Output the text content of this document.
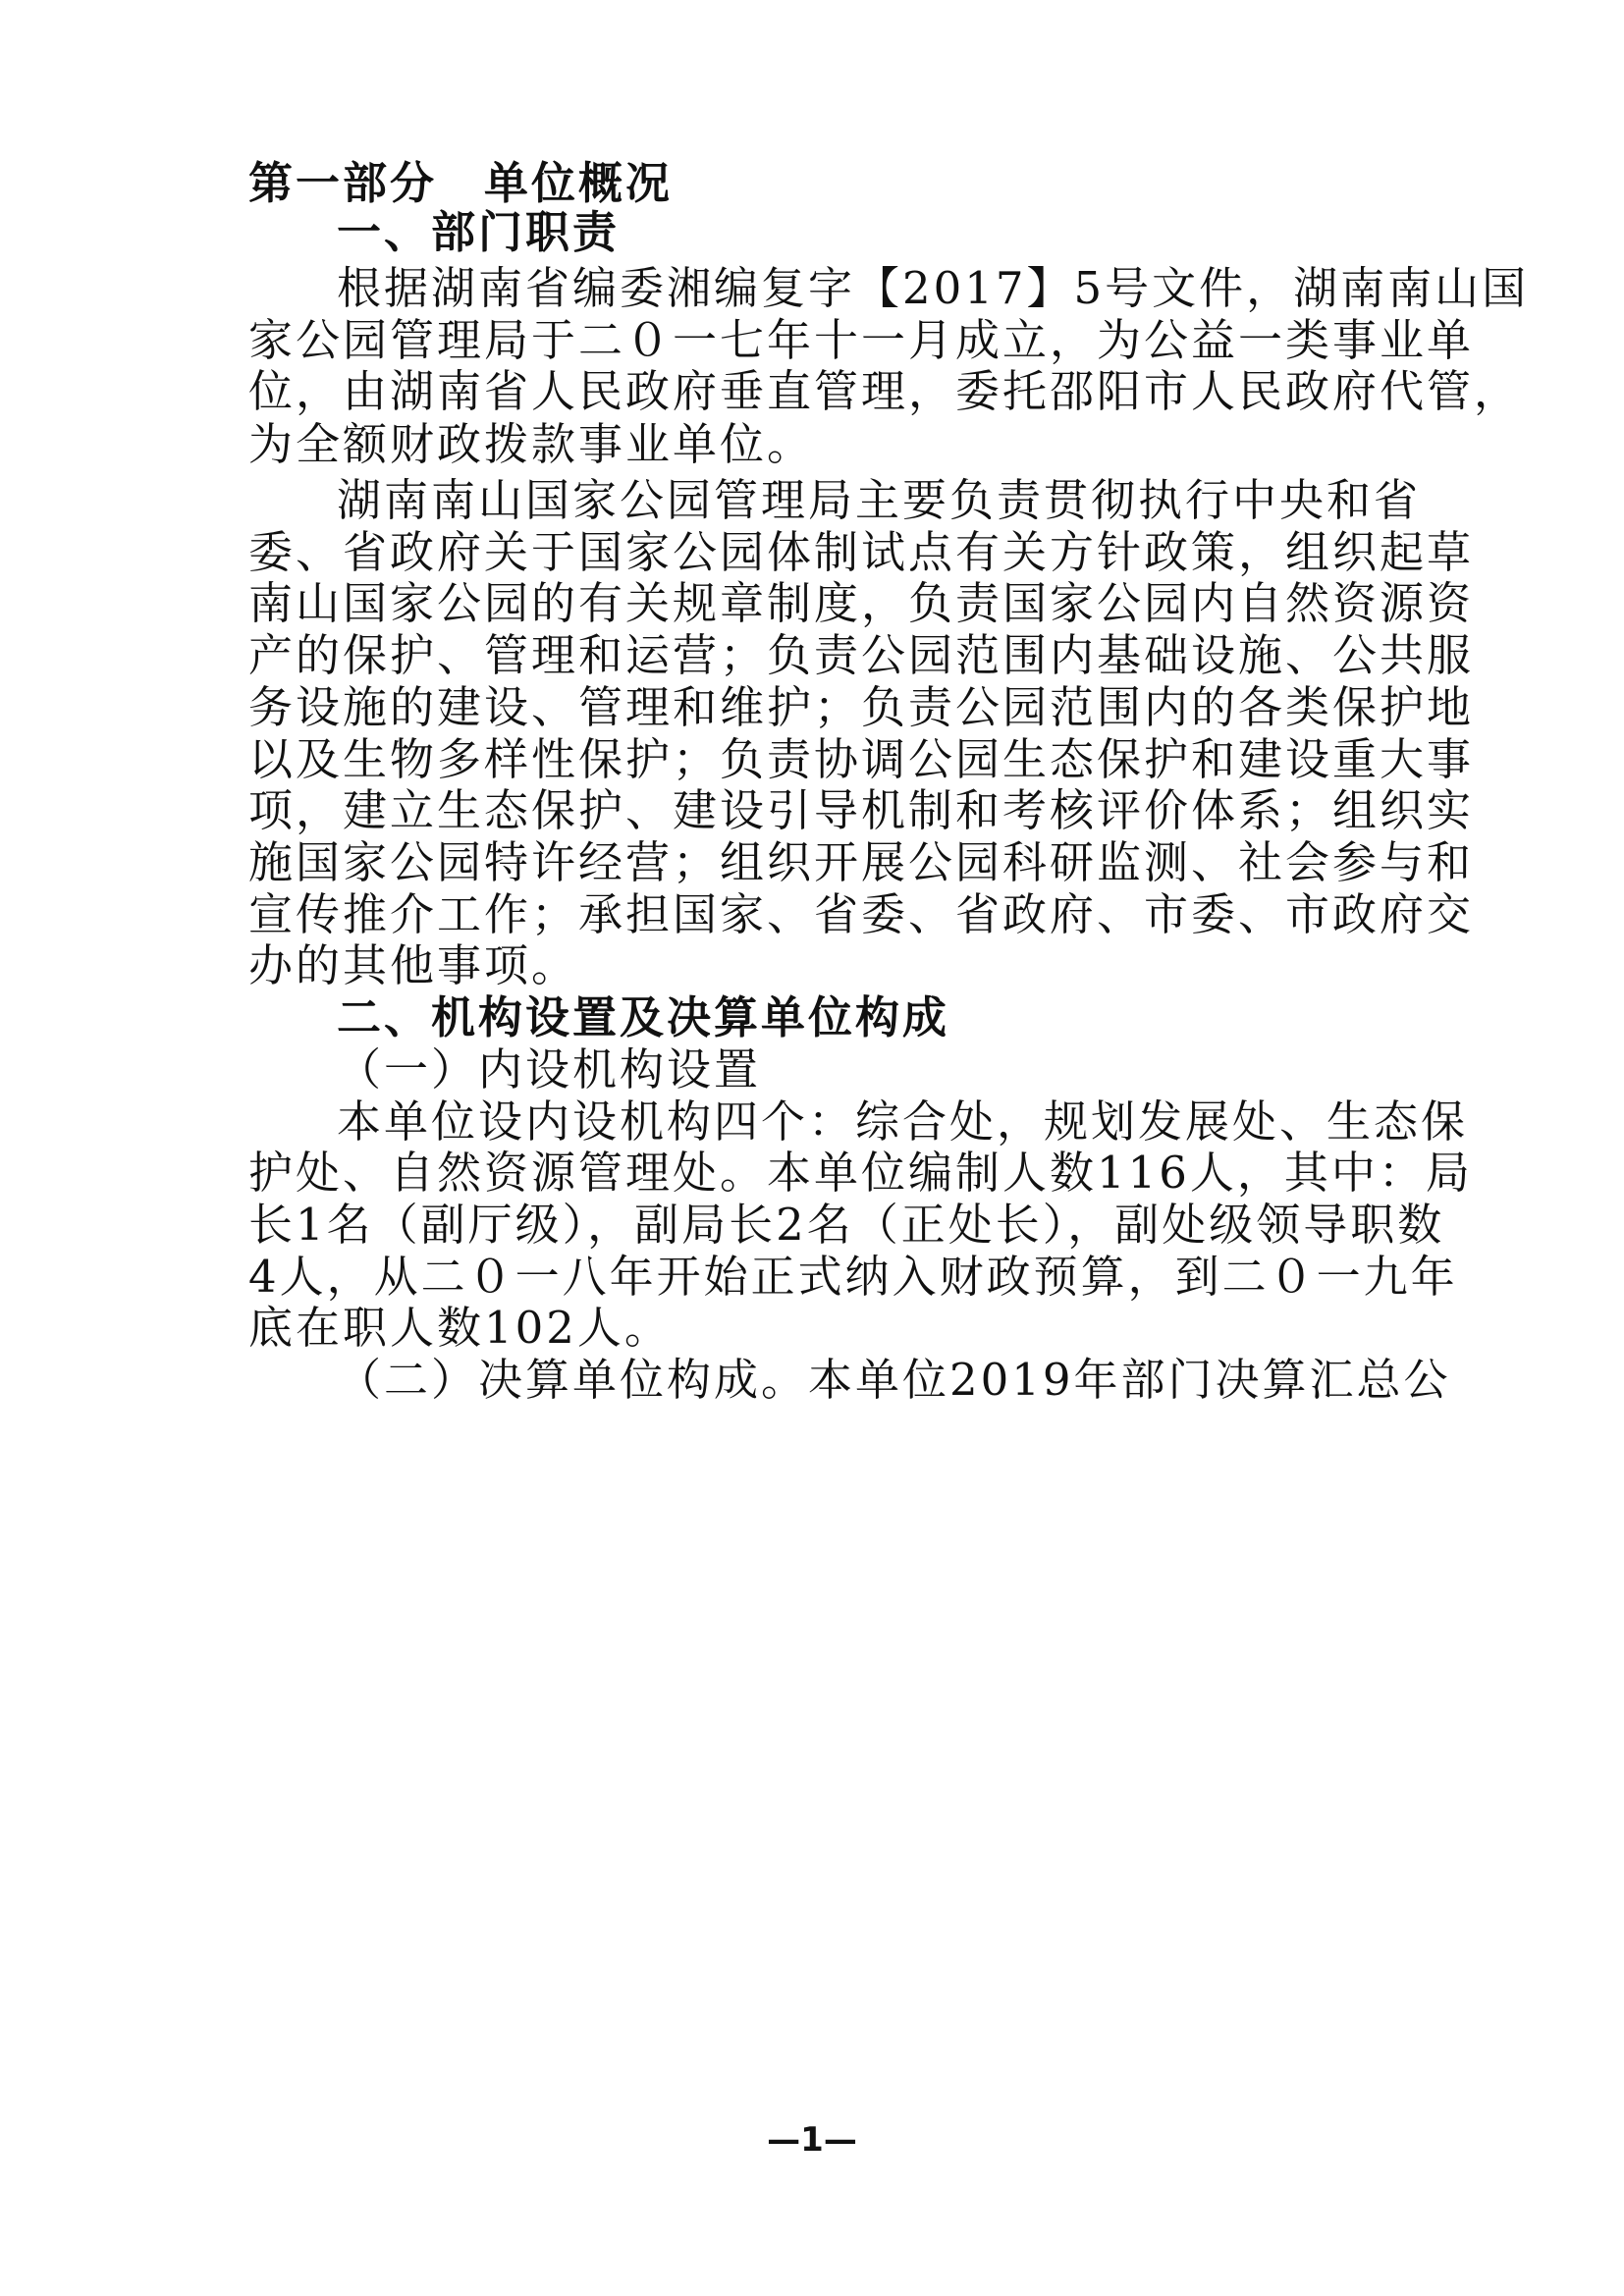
第一部分　单位概况

一、部门职责

根据湖南省编委湘编复字【2017】5号文件，湖南南山国

家公园管理局于二０一七年十一月成立，为公益一类事业单

位，由湖南省人民政府垂直管理，委托邵阳市人民政府代管，

为全额财政拨款事业单位。

湖南南山国家公园管理局主要负责贯彻执行中央和省

委、省政府关于国家公园体制试点有关方针政策，组织起草

南山国家公园的有关规章制度，负责国家公园内自然资源资

产的保护、管理和运营；负责公园范围内基础设施、公共服

务设施的建设、管理和维护；负责公园范围内的各类保护地

以及生物多样性保护；负责协调公园生态保护和建设重大事

项，建立生态保护、建设引导机制和考核评价体系；组织实

施国家公园特许经营；组织开展公园科研监测、社会参与和

宣传推介工作；承担国家、省委、省政府、市委、市政府交

办的其他事项。

二、机构设置及决算单位构成

（一）内设机构设置

本单位设内设机构四个：综合处，规划发展处、生态保

护处、自然资源管理处。本单位编制人数116人，其中：局

长1名（副厅级），副局长2名（正处长），副处级领导职数

4人，从二０一八年开始正式纳入财政预算，到二０一九年

底在职人数102人。

（二）决算单位构成。本单位2019年部门决算汇总公

—1—
